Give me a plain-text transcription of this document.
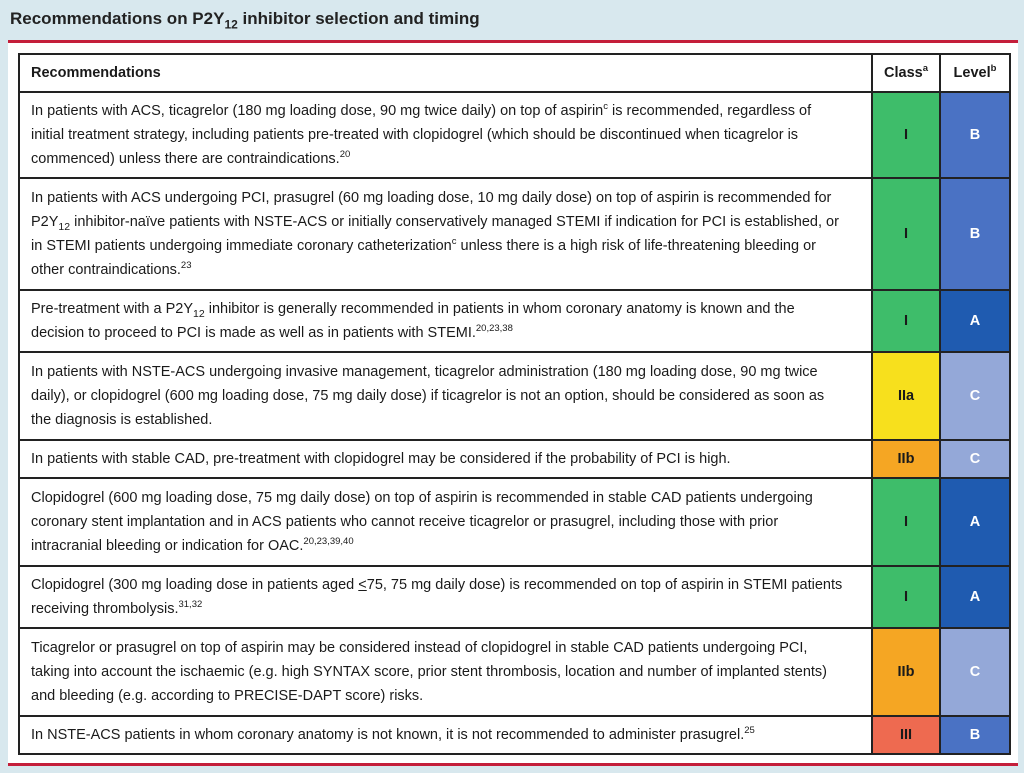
Recommendations on $P2Y_{12}$ inhibitor selection and timing
Recommendations	Class$^a$	Level$^b$
In patients with ACS, ticagrelor (180 mg loading dose, 90 mg twice daily) on top of aspirin$^c$ is recommended, regardless of initial treatment strategy, including patients pre-treated with clopidogrel (which should be discontinued when ticagrelor is commenced) unless there are contraindications.$^{20}$	I	B
In patients with ACS undergoing PCI, prasugrel (60 mg loading dose, 10 mg daily dose) on top of aspirin is recommended for $P2Y_{12}$ inhibitor-naïve patients with NSTE-ACS or initially conservatively managed STEMI if indication for PCI is established, or in STEMI patients undergoing immediate coronary catheterization$^c$ unless there is a high risk of life-threatening bleeding or other contraindications.$^{23}$	I	B
Pre-treatment with a $P2Y_{12}$ inhibitor is generally recommended in patients in whom coronary anatomy is known and the decision to proceed to PCI is made as well as in patients with STEMI.$^{20,23,38}$	I	A
In patients with NSTE-ACS undergoing invasive management, ticagrelor administration (180 mg loading dose, 90 mg twice daily), or clopidogrel (600 mg loading dose, 75 mg daily dose) if ticagrelor is not an option, should be considered as soon as the diagnosis is established.	IIa	C
In patients with stable CAD, pre-treatment with clopidogrel may be considered if the probability of PCI is high.	IIb	C
Clopidogrel (600 mg loading dose, 75 mg daily dose) on top of aspirin is recommended in stable CAD patients undergoing coronary stent implantation and in ACS patients who cannot receive ticagrelor or prasugrel, including those with prior intracranial bleeding or indication for OAC.$^{20,23,39,40}$	I	A
Clopidogrel (300 mg loading dose in patients aged <75, 75 mg daily dose) is recommended on top of aspirin in STEMI patients receiving thrombolysis.$^{31,32}$	I	A
Ticagrelor or prasugrel on top of aspirin may be considered instead of clopidogrel in stable CAD patients undergoing PCI, taking into account the ischaemic (e.g. high SYNTAX score, prior stent thrombosis, location and number of implanted stents) and bleeding (e.g. according to PRECISE-DAPT score) risks.	IIb	C
In NSTE-ACS patients in whom coronary anatomy is not known, it is not recommended to administer prasugrel.$^{25}$	III	B
